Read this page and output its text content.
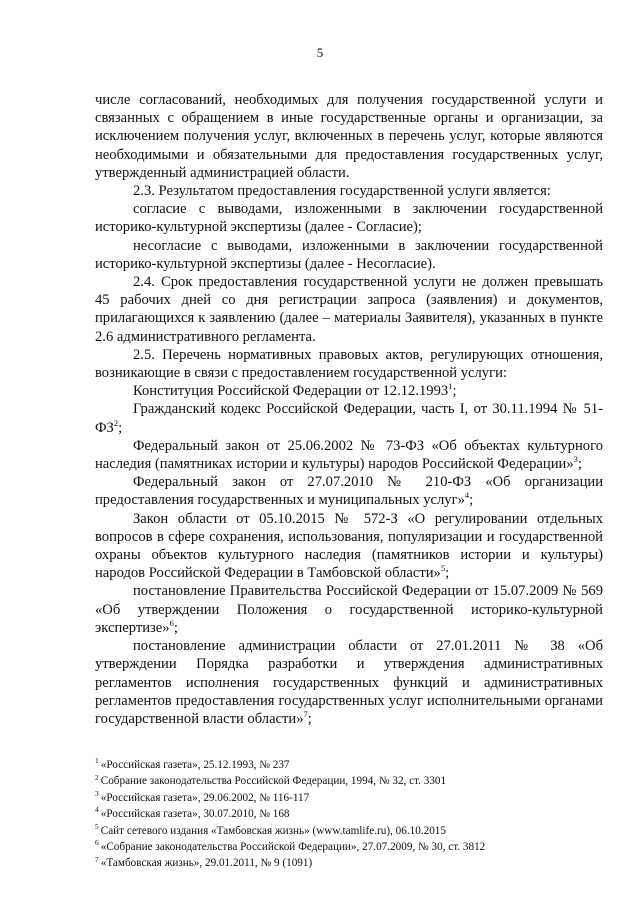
5

числе согласований, необходимых для получения государственной услуги и связанных с обращением в иные государственные органы и организации, за исключением получения услуг, включенных в перечень услуг, которые являются необходимыми и обязательными для предоставления государственных услуг, утвержденный администрацией области.

2.3. Результатом предоставления государственной услуги является:

согласие с выводами, изложенными в заключении государственной историко-культурной экспертизы (далее - Согласие);

несогласие с выводами, изложенными в заключении государственной историко-культурной экспертизы (далее - Несогласие).

2.4. Срок предоставления государственной услуги не должен превышать 45 рабочих дней со дня регистрации запроса (заявления) и документов, прилагающихся к заявлению (далее – материалы Заявителя), указанных в пункте 2.6 административного регламента.

2.5. Перечень нормативных правовых актов, регулирующих отношения, возникающие в связи с предоставлением государственной услуги:

Конституция Российской Федерации от 12.12.1993$^1$;

Гражданский кодекс Российской Федерации, часть I, от 30.11.1994 № $51-ФЗ^2$;

Федеральный закон от 25.06.2002 № 73-ФЗ «Об объектах культурного наследия (памятниках истории и культуры) народов Российской Федерации»$^3$;

Федеральный закон от 27.07.2010 № 210-ФЗ «Об организации предоставления государственных и муниципальных услуг»$^4$;

Закон области от 05.10.2015 № 572-З «О регулировании отдельных вопросов в сфере сохранения, использования, популяризации и государственной охраны объектов культурного наследия (памятников истории и культуры) народов Российской Федерации в Тамбовской области»$^5$;

постановление Правительства Российской Федерации от 15.07.2009 № 569 «Об утверждении Положения о государственной историко-культурной экспертизе»$^6$;

постановление администрации области от 27.01.2011 № 38 «Об утверждении Порядка разработки и утверждения административных регламентов исполнения государственных функций и административных регламентов предоставления государственных услуг исполнительными органами государственной власти области»$^7$;

$^1$ «Российская газета», 25.12.1993, № 237
$^2$ Собрание законодательства Российской Федерации, 1994, № 32, ст. 3301
$^3$ «Российская газета», 29.06.2002, № 116-117
$^4$ «Российская газета», 30.07.2010, № 168
$^5$ Сайт сетевого издания «Тамбовская жизнь» (www.tamlife.ru), 06.10.2015
$^6$ «Собрание законодательства Российской Федерации», 27.07.2009, № 30, ст. 3812
$^7$ «Тамбовская жизнь», 29.01.2011, № 9 (1091)
